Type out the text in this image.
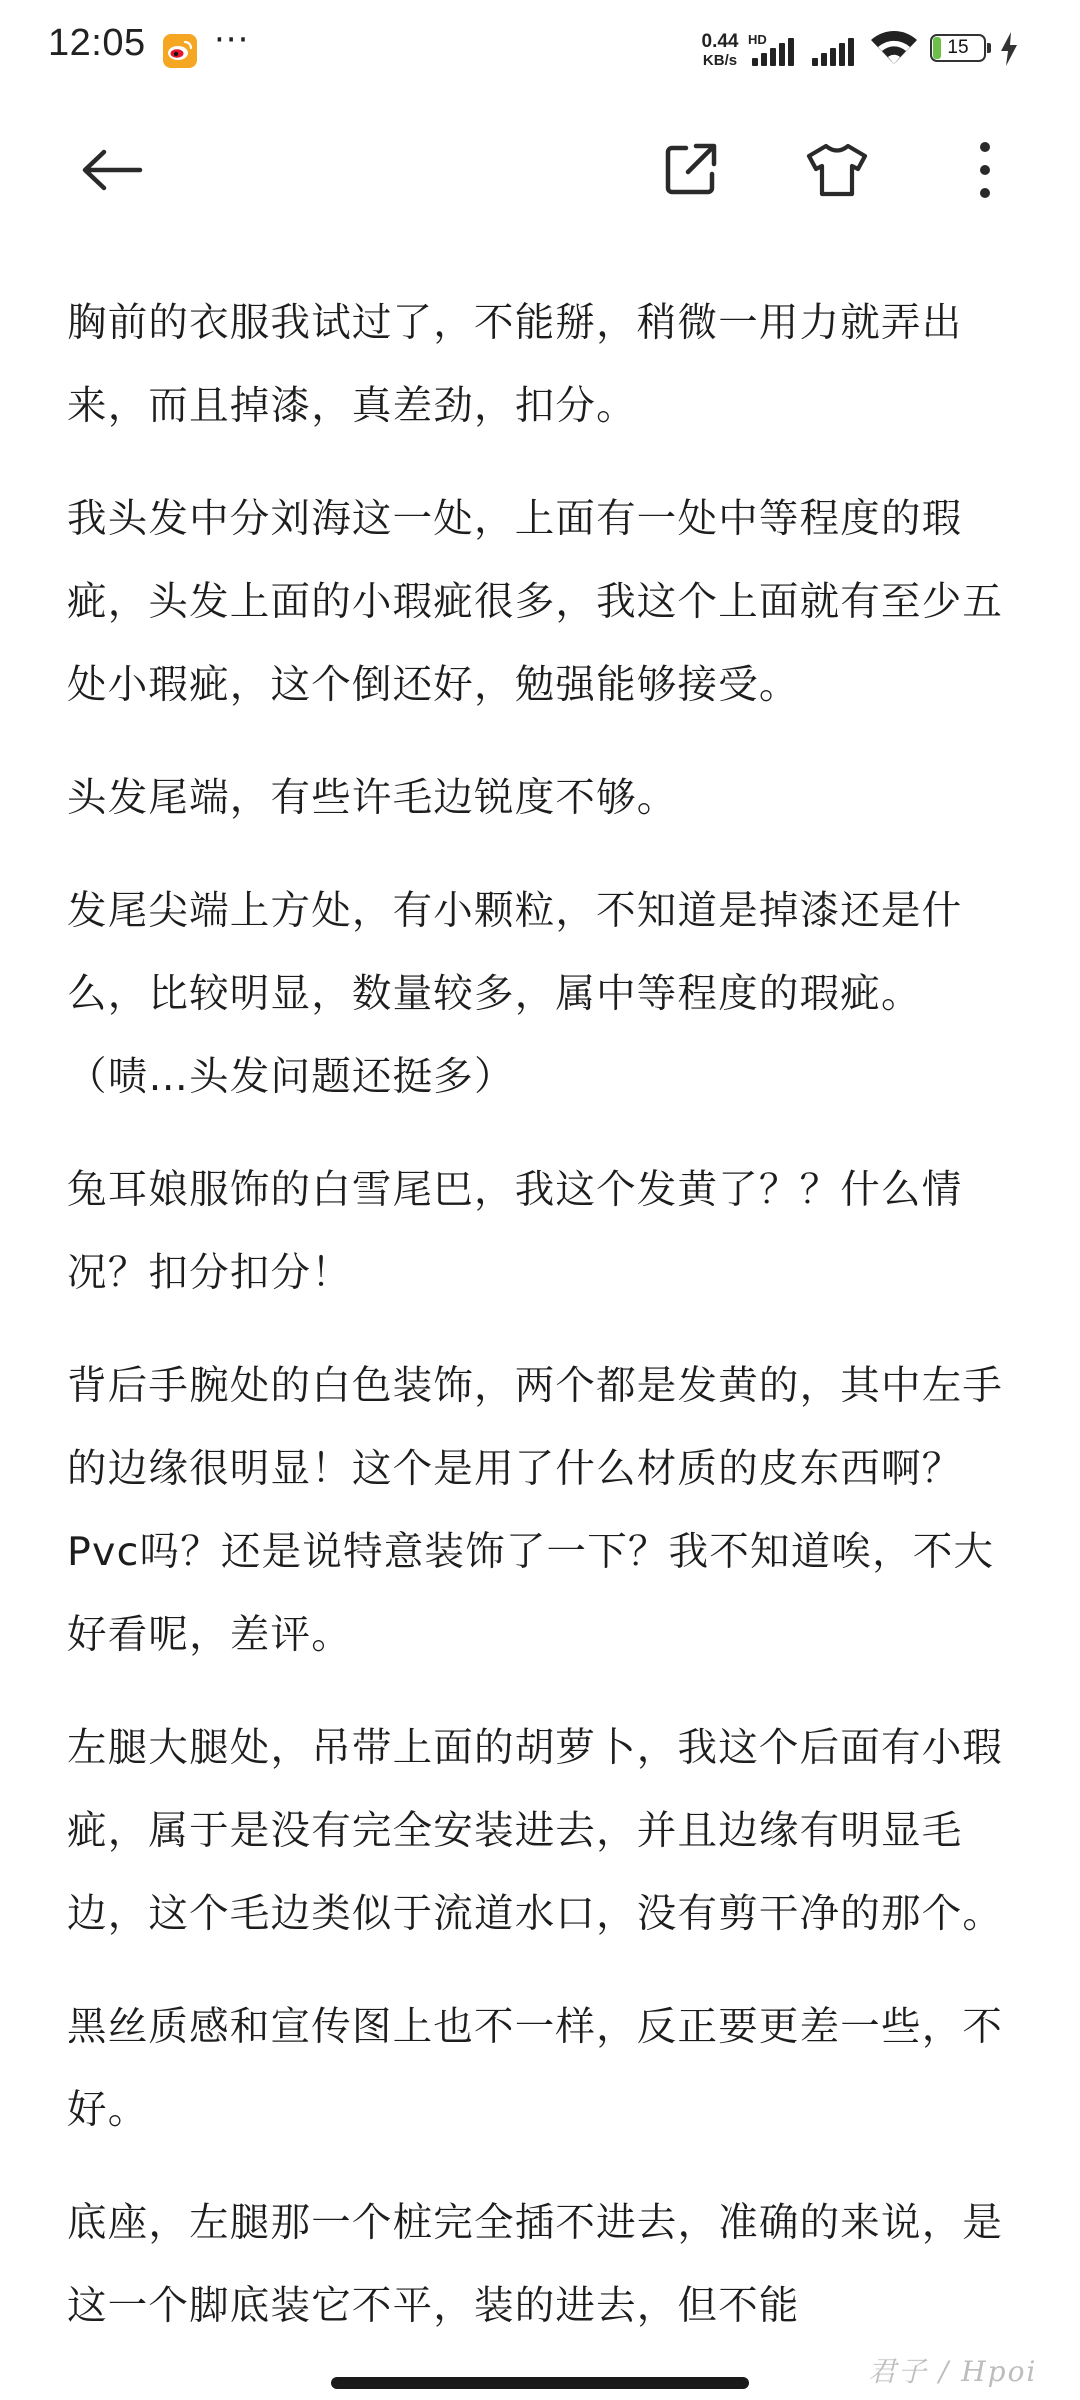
12:05 ···	0.44
KB/s
HD	15

胸前的衣服我试过了，不能掰，稍微一用力就弄出来，而且掉漆，真差劲，扣分。

我头发中分刘海这一处，上面有一处中等程度的瑕疵，头发上面的小瑕疵很多，我这个上面就有至少五处小瑕疵，这个倒还好，勉强能够接受。

头发尾端，有些许毛边锐度不够。

发尾尖端上方处，有小颗粒，不知道是掉漆还是什么，比较明显，数量较多，属中等程度的瑕疵。（啧…头发问题还挺多）

兔耳娘服饰的白雪尾巴，我这个发黄了？？什么情况？扣分扣分！

背后手腕处的白色装饰，两个都是发黄的，其中左手的边缘很明显！这个是用了什么材质的皮东西啊？ Pvc吗？还是说特意装饰了一下？我不知道唉，不大好看呢，差评。

左腿大腿处，吊带上面的胡萝卜，我这个后面有小瑕疵，属于是没有完全安装进去，并且边缘有明显毛边，这个毛边类似于流道水口，没有剪干净的那个。

黑丝质感和宣传图上也不一样，反正要更差一些，不好。

底座，左腿那一个桩完全插不进去，准确的来说，是这一个脚底装它不平，装的进去，但不能

君子 / Hpoi
